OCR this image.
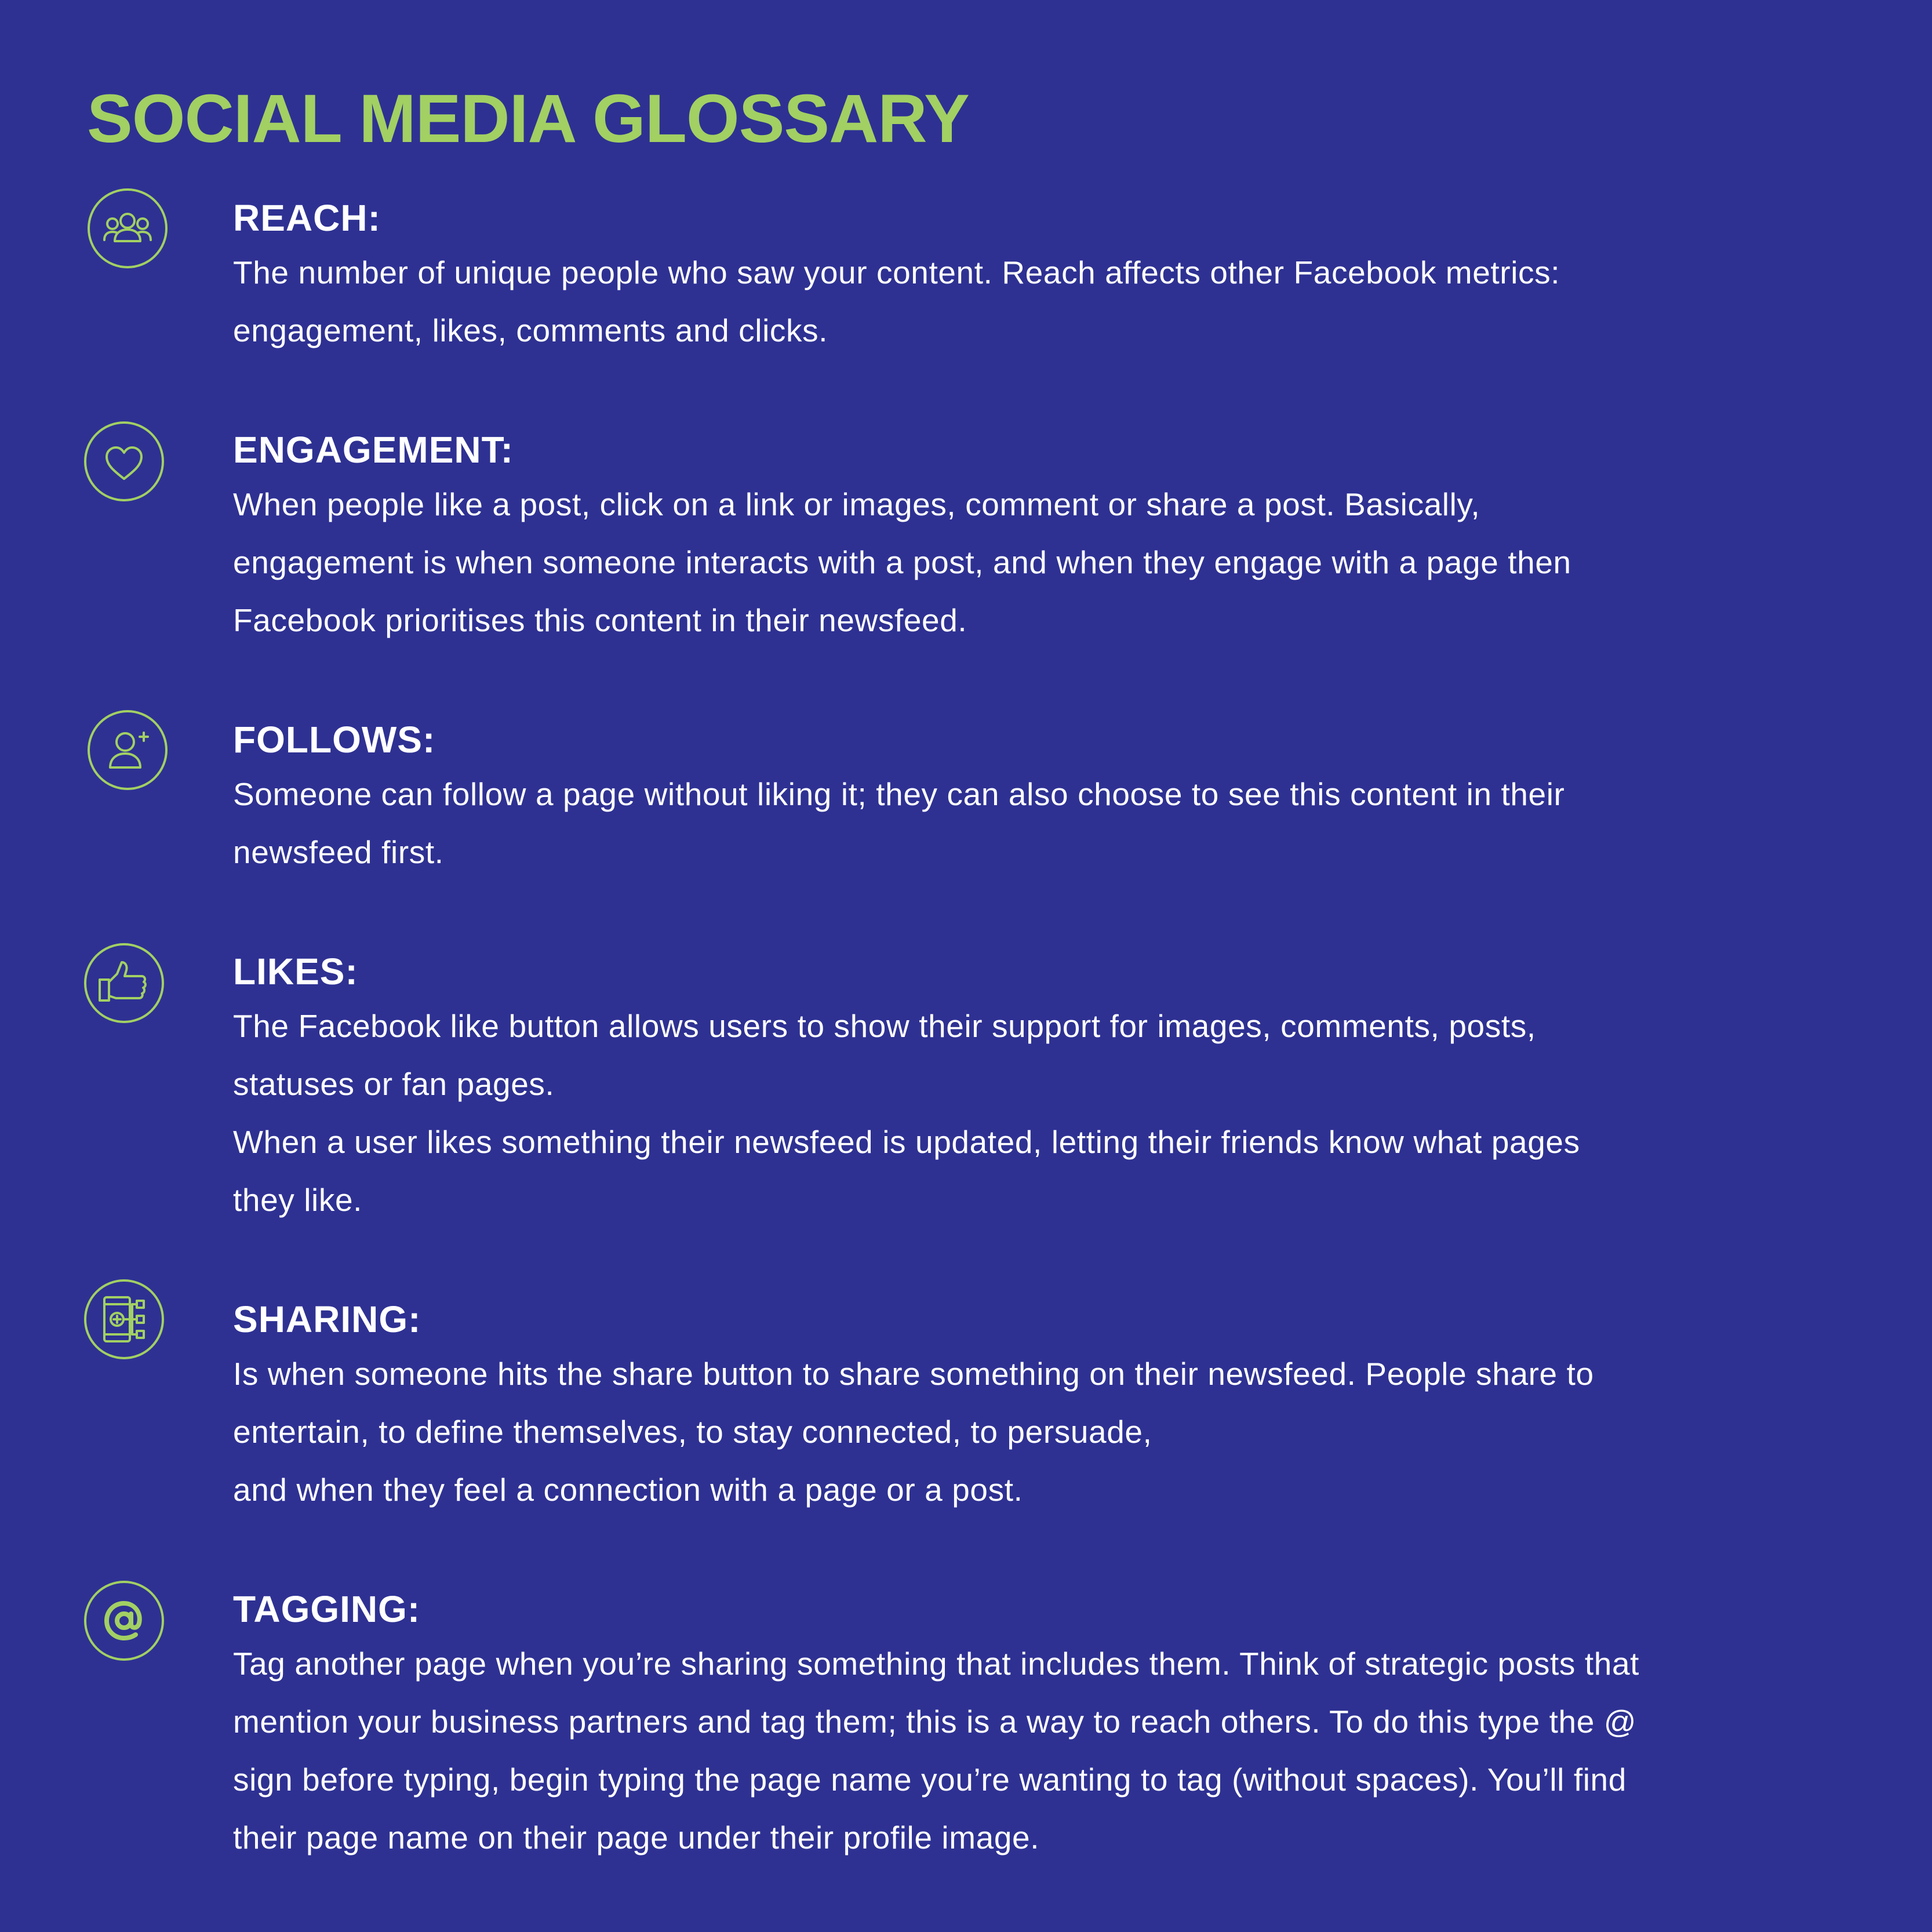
SOCIAL MEDIA GLOSSARY
REACH:

The number of unique people who saw your content. Reach affects other Facebook metrics:
engagement, likes, comments and clicks.

ENGAGEMENT:

When people like a post, click on a link or images, comment or share a post. Basically,
engagement is when someone interacts with a post, and when they engage with a page then
Facebook prioritises this content in their newsfeed.

FOLLOWS:

Someone can follow a page without liking it; they can also choose to see this content in their
newsfeed first.

LIKES:

The Facebook like button allows users to show their support for images, comments, posts,
statuses or fan pages.
When a user likes something their newsfeed is updated, letting their friends know what pages
they like.

SHARING:

Is when someone hits the share button to share something on their newsfeed. People share to
entertain, to define themselves, to stay connected, to persuade,
and when they feel a connection with a page or a post.

TAGGING:

Tag another page when you’re sharing something that includes them. Think of strategic posts that
mention your business partners and tag them; this is a way to reach others. To do this type the @
sign before typing, begin typing the page name you’re wanting to tag (without spaces). You’ll find
their page name on their page under their profile image.
